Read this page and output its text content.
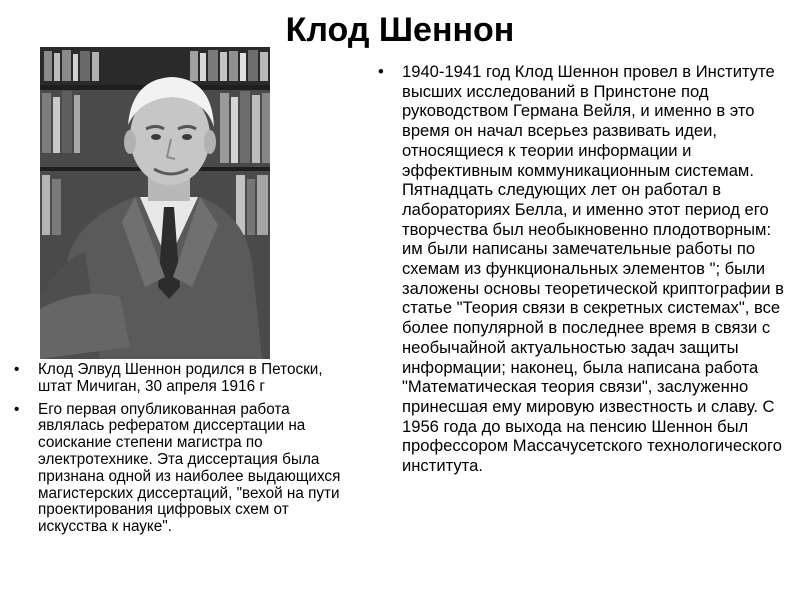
Клод Шеннон
• Клод Элвуд Шеннон родился в Петоски, штат Мичиган, 30 апреля 1916 г
• Его первая опубликованная работа являлась рефератом диссертации на соискание степени магистра по электротехнике. Эта диссертация была признана одной из наиболее выдающихся магистерских диссертаций, "вехой на пути проектирования цифровых схем от искусства к науке".
• 1940-1941 год Клод Шеннон провел в Институте высших исследований в Принстоне под руководством Германа Вейля, и именно в это время он начал всерьез развивать идеи, относящиеся к теории информации и эффективным коммуникационным системам. Пятнадцать следующих лет он работал в лабораториях Белла, и именно этот период его творчества был необыкновенно плодотворным: им были написаны замечательные работы по схемам из функциональных элементов "; были заложены основы теоретической криптографии в статье "Теория связи в секретных системах", все более популярной в последнее время в связи с необычайной актуальностью задач защиты информации; наконец, была написана работа "Математическая теория связи", заслуженно принесшая ему мировую известность и славу. С 1956 года до выхода на пенсию Шеннон был профессором Массачусетского технологического института.
